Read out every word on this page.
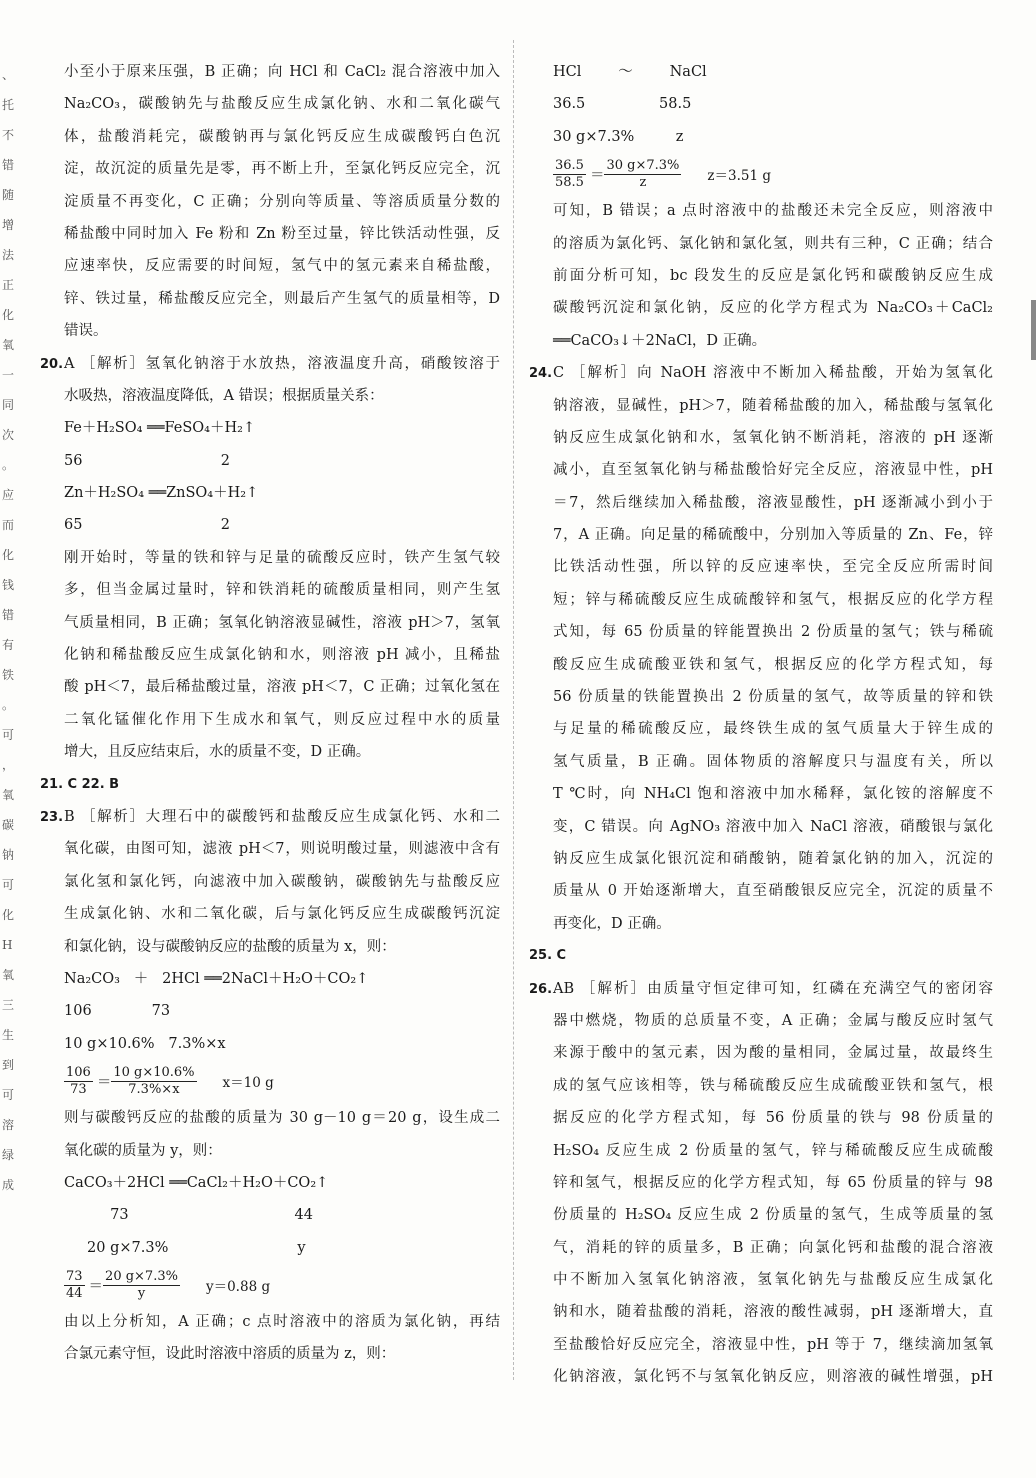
、 托 不 错 随 增 法 正 化 氧 一 同 次 。 应 而 化 钱 错 有 铁 。 可 ， 氧 碳 钠 可 化 H 氧 三 生 到 可 溶 绿 成
小至小于原来压强，B 正确；向 HCl 和 CaCl₂ 混合溶液中加入
Na₂CO₃，碳酸钠先与盐酸反应生成氯化钠、水和二氧化碳气
体，盐酸消耗完，碳酸钠再与氯化钙反应生成碳酸钙白色沉
淀，故沉淀的质量先是零，再不断上升，至氯化钙反应完全，沉
淀质量不再变化，C 正确；分别向等质量、等溶质质量分数的
稀盐酸中同时加入 Fe 粉和 Zn 粉至过量，锌比铁活动性强，反
应速率快，反应需要的时间短，氢气中的氢元素来自稀盐酸，
锌、铁过量，稀盐酸反应完全，则最后产生氢气的质量相等，D
错误。
20.A ［解析］氢氧化钠溶于水放热，溶液温度升高，硝酸铵溶于
水吸热，溶液温度降低，A 错误；根据质量关系：
Fe＋H₂SO₄ ══FeSO₄＋H₂↑
56                              2
Zn＋H₂SO₄ ══ZnSO₄＋H₂↑
65                              2
刚开始时，等量的铁和锌与足量的硫酸反应时，铁产生氢气较
多，但当金属过量时，锌和铁消耗的硫酸质量相同，则产生氢
气质量相同，B 正确；氢氧化钠溶液显碱性，溶液 pH＞7，氢氧
化钠和稀盐酸反应生成氯化钠和水，则溶液 pH 减小，且稀盐
酸 pH＜7，最后稀盐酸过量，溶液 pH＜7，C 正确；过氧化氢在
二氧化锰催化作用下生成水和氧气，则反应过程中水的质量
增大，且反应结束后，水的质量不变，D 正确。
21. C 22. B
23.B ［解析］大理石中的碳酸钙和盐酸反应生成氯化钙、水和二
氧化碳，由图可知，滤液 pH＜7，则说明酸过量，则滤液中含有
氯化氢和氯化钙，向滤液中加入碳酸钠，碳酸钠先与盐酸反应
生成氯化钠、水和二氧化碳，后与氯化钙反应生成碳酸钙沉淀
和氯化钠，设与碳酸钠反应的盐酸的质量为 x，则：
Na₂CO₃   ＋   2HCl ══2NaCl＋H₂O＋CO₂↑
106             73
10 g×10.6%   7.3%×x
$\frac{106}{73} = \frac{10 g\times 10.6\%}{7.3\%\times x} x=10$ g
则与碳酸钙反应的盐酸的质量为 30 g－10 g＝20 g，设生成二
氧化碳的质量为 y，则：
CaCO₃＋2HCl ══CaCl₂＋H₂O＋CO₂↑
73                                    44
20 g×7.3%                            y
$\frac{73}{44} = \frac{20 g\times 7.3\%}{y} y=0.88$ g
由以上分析知，A 正确；c 点时溶液中的溶质为氯化钠，再结
合氯元素守恒，设此时溶液中溶质的质量为 z，则：
HCl        ～        NaCl
36.5                58.5
30 g×7.3%         z
$\frac{36.5}{58.5} = \frac{30 g\times 7.3\%}{z} z=3.51$ g
可知，B 错误；a 点时溶液中的盐酸还未完全反应，则溶液中
的溶质为氯化钙、氯化钠和氯化氢，则共有三种，C 正确；结合
前面分析可知，bc 段发生的反应是氯化钙和碳酸钠反应生成
碳酸钙沉淀和氯化钠，反应的化学方程式为 Na₂CO₃＋CaCl₂
══CaCO₃↓＋2NaCl，D 正确。
24.C ［解析］向 NaOH 溶液中不断加入稀盐酸，开始为氢氧化
钠溶液，显碱性，pH＞7，随着稀盐酸的加入，稀盐酸与氢氧化
钠反应生成氯化钠和水，氢氧化钠不断消耗，溶液的 pH 逐渐
减小，直至氢氧化钠与稀盐酸恰好完全反应，溶液显中性，pH
＝7，然后继续加入稀盐酸，溶液显酸性，pH 逐渐减小到小于
7，A 正确。向足量的稀硫酸中，分别加入等质量的 Zn、Fe，锌
比铁活动性强，所以锌的反应速率快，至完全反应所需时间
短；锌与稀硫酸反应生成硫酸锌和氢气，根据反应的化学方程
式知，每 65 份质量的锌能置换出 2 份质量的氢气；铁与稀硫
酸反应生成硫酸亚铁和氢气，根据反应的化学方程式知，每
56 份质量的铁能置换出 2 份质量的氢气，故等质量的锌和铁
与足量的稀硫酸反应，最终铁生成的氢气质量大于锌生成的
氢气质量，B 正确。固体物质的溶解度只与温度有关，所以
T ℃时，向 NH₄Cl 饱和溶液中加水稀释，氯化铵的溶解度不
变，C 错误。向 AgNO₃ 溶液中加入 NaCl 溶液，硝酸银与氯化
钠反应生成氯化银沉淀和硝酸钠，随着氯化钠的加入，沉淀的
质量从 0 开始逐渐增大，直至硝酸银反应完全，沉淀的质量不
再变化，D 正确。
25. C
26.AB ［解析］由质量守恒定律可知，红磷在充满空气的密闭容
器中燃烧，物质的总质量不变，A 正确；金属与酸反应时氢气
来源于酸中的氢元素，因为酸的量相同，金属过量，故最终生
成的氢气应该相等，铁与稀硫酸反应生成硫酸亚铁和氢气，根
据反应的化学方程式知，每 56 份质量的铁与 98 份质量的
H₂SO₄ 反应生成 2 份质量的氢气，锌与稀硫酸反应生成硫酸
锌和氢气，根据反应的化学方程式知，每 65 份质量的锌与 98
份质量的 H₂SO₄ 反应生成 2 份质量的氢气，生成等质量的氢
气，消耗的锌的质量多，B 正确；向氯化钙和盐酸的混合溶液
中不断加入氢氧化钠溶液，氢氧化钠先与盐酸反应生成氯化
钠和水，随着盐酸的消耗，溶液的酸性减弱，pH 逐渐增大，直
至盐酸恰好反应完全，溶液显中性，pH 等于 7，继续滴加氢氧
化钠溶液，氯化钙不与氢氧化钠反应，则溶液的碱性增强，pH
